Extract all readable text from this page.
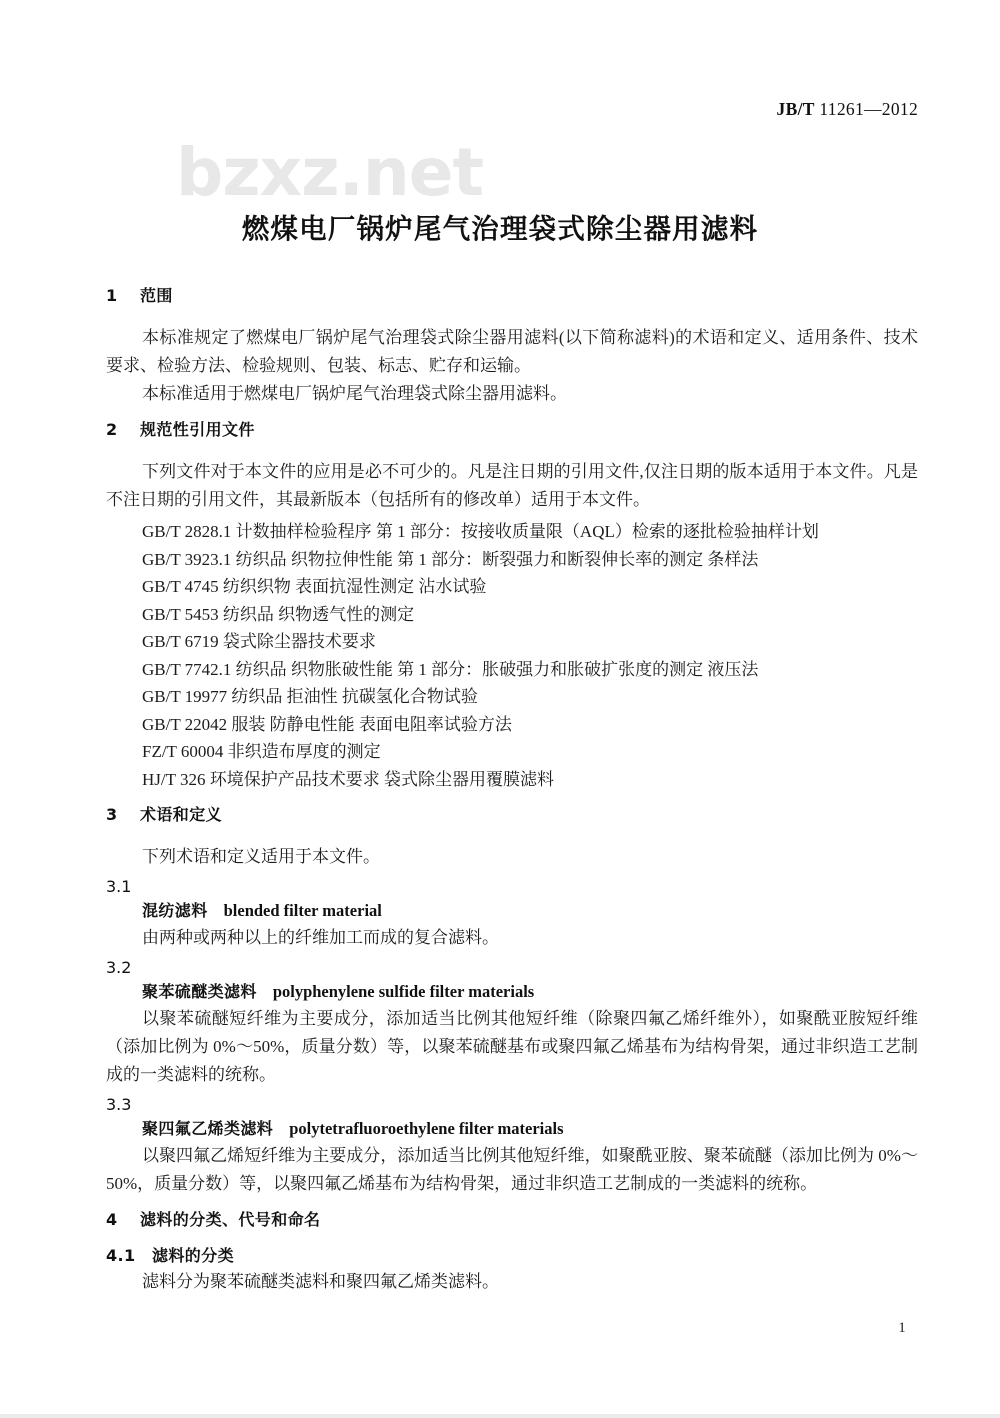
JB/T 11261—2012
bzxz.net
燃煤电厂锅炉尾气治理袋式除尘器用滤料

1 范围

本标准规定了燃煤电厂锅炉尾气治理袋式除尘器用滤料(以下简称滤料)的术语和定义、适用条件、技术要求、检验方法、检验规则、包装、标志、贮存和运输。

本标准适用于燃煤电厂锅炉尾气治理袋式除尘器用滤料。

2 规范性引用文件

下列文件对于本文件的应用是必不可少的。凡是注日期的引用文件,仅注日期的版本适用于本文件。凡是不注日期的引用文件，其最新版本（包括所有的修改单）适用于本文件。

GB/T 2828.1 计数抽样检验程序 第 1 部分：按接收质量限（AQL）检索的逐批检验抽样计划

GB/T 3923.1 纺织品 织物拉伸性能 第 1 部分：断裂强力和断裂伸长率的测定 条样法

GB/T 4745 纺织织物 表面抗湿性测定 沾水试验

GB/T 5453 纺织品 织物透气性的测定

GB/T 6719 袋式除尘器技术要求

GB/T 7742.1 纺织品 织物胀破性能 第 1 部分：胀破强力和胀破扩张度的测定 液压法

GB/T 19977 纺织品 拒油性 抗碳氢化合物试验

GB/T 22042 服装 防静电性能 表面电阻率试验方法

FZ/T 60004 非织造布厚度的测定

HJ/T 326 环境保护产品技术要求 袋式除尘器用覆膜滤料

3 术语和定义

下列术语和定义适用于本文件。

3.1

混纺滤料 blended filter material

由两种或两种以上的纤维加工而成的复合滤料。

3.2

聚苯硫醚类滤料 polyphenylene sulfide filter materials

以聚苯硫醚短纤维为主要成分，添加适当比例其他短纤维（除聚四氟乙烯纤维外），如聚酰亚胺短纤维（添加比例为 0%～50%，质量分数）等，以聚苯硫醚基布或聚四氟乙烯基布为结构骨架，通过非织造工艺制成的一类滤料的统称。

3.3

聚四氟乙烯类滤料 polytetrafluoroethylene filter materials

以聚四氟乙烯短纤维为主要成分，添加适当比例其他短纤维，如聚酰亚胺、聚苯硫醚（添加比例为 0%～50%，质量分数）等，以聚四氟乙烯基布为结构骨架，通过非织造工艺制成的一类滤料的统称。

4 滤料的分类、代号和命名

4.1 滤料的分类

滤料分为聚苯硫醚类滤料和聚四氟乙烯类滤料。

1
